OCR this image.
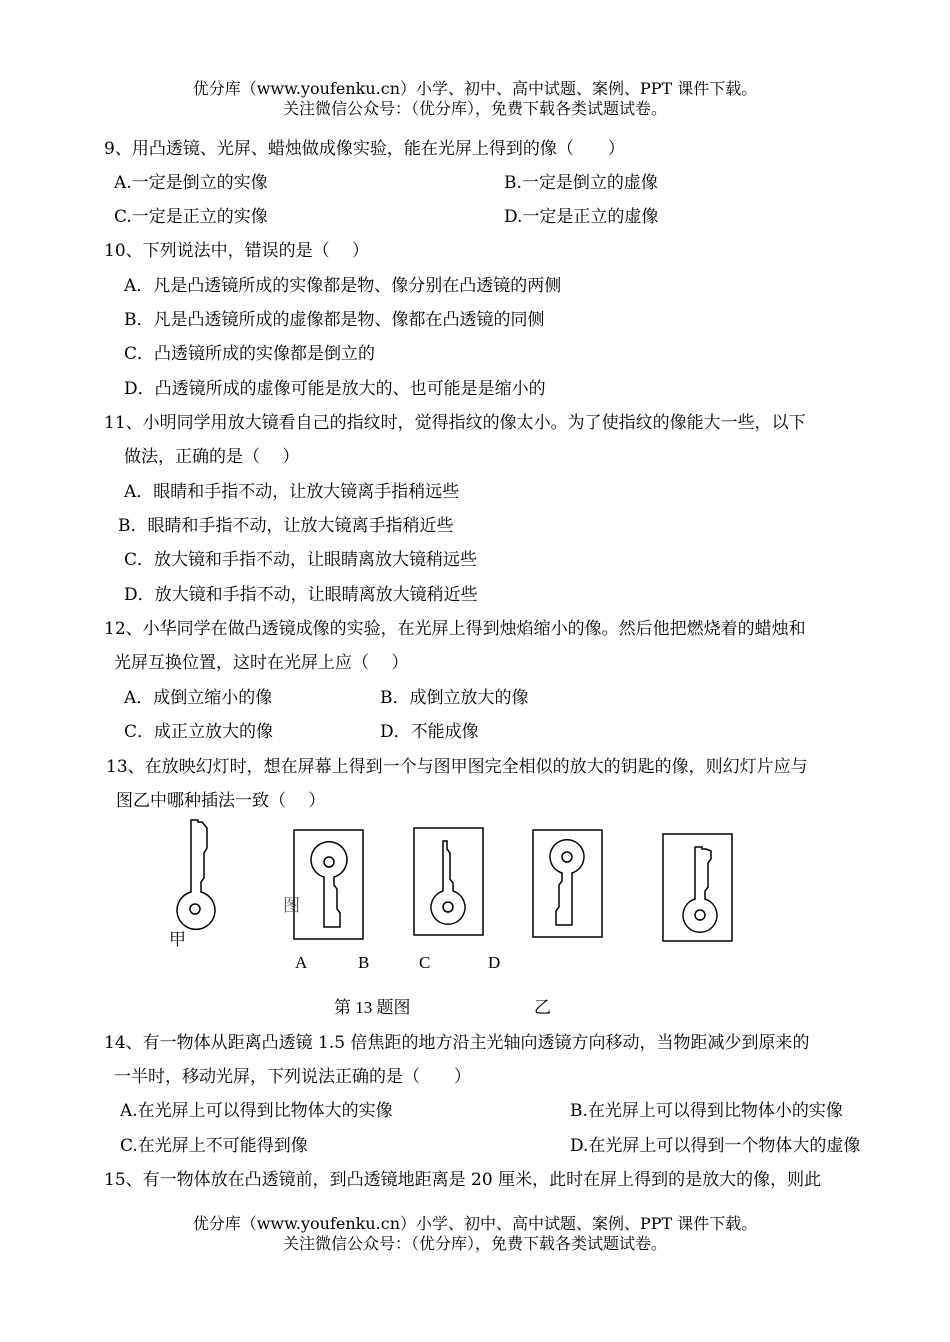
优分库（www.youfenku.cn）小学、初中、高中试题、案例、PPT 课件下载。
关注微信公众号：（优分库），免费下载各类试题试卷。
9、用凸透镜、光屏、蜡烛做成像实验，能在光屏上得到的像（　　）
A.一定是倒立的实像	B.一定是倒立的虚像
C.一定是正立的实像	D.一定是正立的虚像
10、下列说法中，错误的是（　 ）
A．凡是凸透镜所成的实像都是物、像分别在凸透镜的两侧
B．凡是凸透镜所成的虚像都是物、像都在凸透镜的同侧
C．凸透镜所成的实像都是倒立的
D．凸透镜所成的虚像可能是放大的、也可能是是缩小的
11、小明同学用放大镜看自己的指纹时，觉得指纹的像太小。为了使指纹的像能大一些，以下
做法，正确的是（　 ）
A．眼睛和手指不动，让放大镜离手指稍远些
B．眼睛和手指不动，让放大镜离手指稍近些
C．放大镜和手指不动，让眼睛离放大镜稍远些
D．放大镜和手指不动，让眼睛离放大镜稍近些
12、小华同学在做凸透镜成像的实验，在光屏上得到烛焰缩小的像。然后他把燃烧着的蜡烛和
光屏互换位置，这时在光屏上应（　 ）
A．成倒立缩小的像	B．成倒立放大的像
C．成正立放大的像	D．不能成像
13、在放映幻灯时，想在屏幕上得到一个与图甲图完全相似的放大的钥匙的像，则幻灯片应与
图乙中哪种插法一致（　 ）
甲
图
A	B	C	D
第 13 题图	乙
14、有一物体从距离凸透镜 1.5 倍焦距的地方沿主光轴向透镜方向移动，当物距减少到原来的
一半时，移动光屏，下列说法正确的是（　　）
A.在光屏上可以得到比物体大的实像	B.在光屏上可以得到比物体小的实像
C.在光屏上不可能得到像	D.在光屏上可以得到一个物体大的虚像
15、有一物体放在凸透镜前，到凸透镜地距离是 20 厘米，此时在屏上得到的是放大的像，则此
优分库（www.youfenku.cn）小学、初中、高中试题、案例、PPT 课件下载。
关注微信公众号：（优分库），免费下载各类试题试卷。
